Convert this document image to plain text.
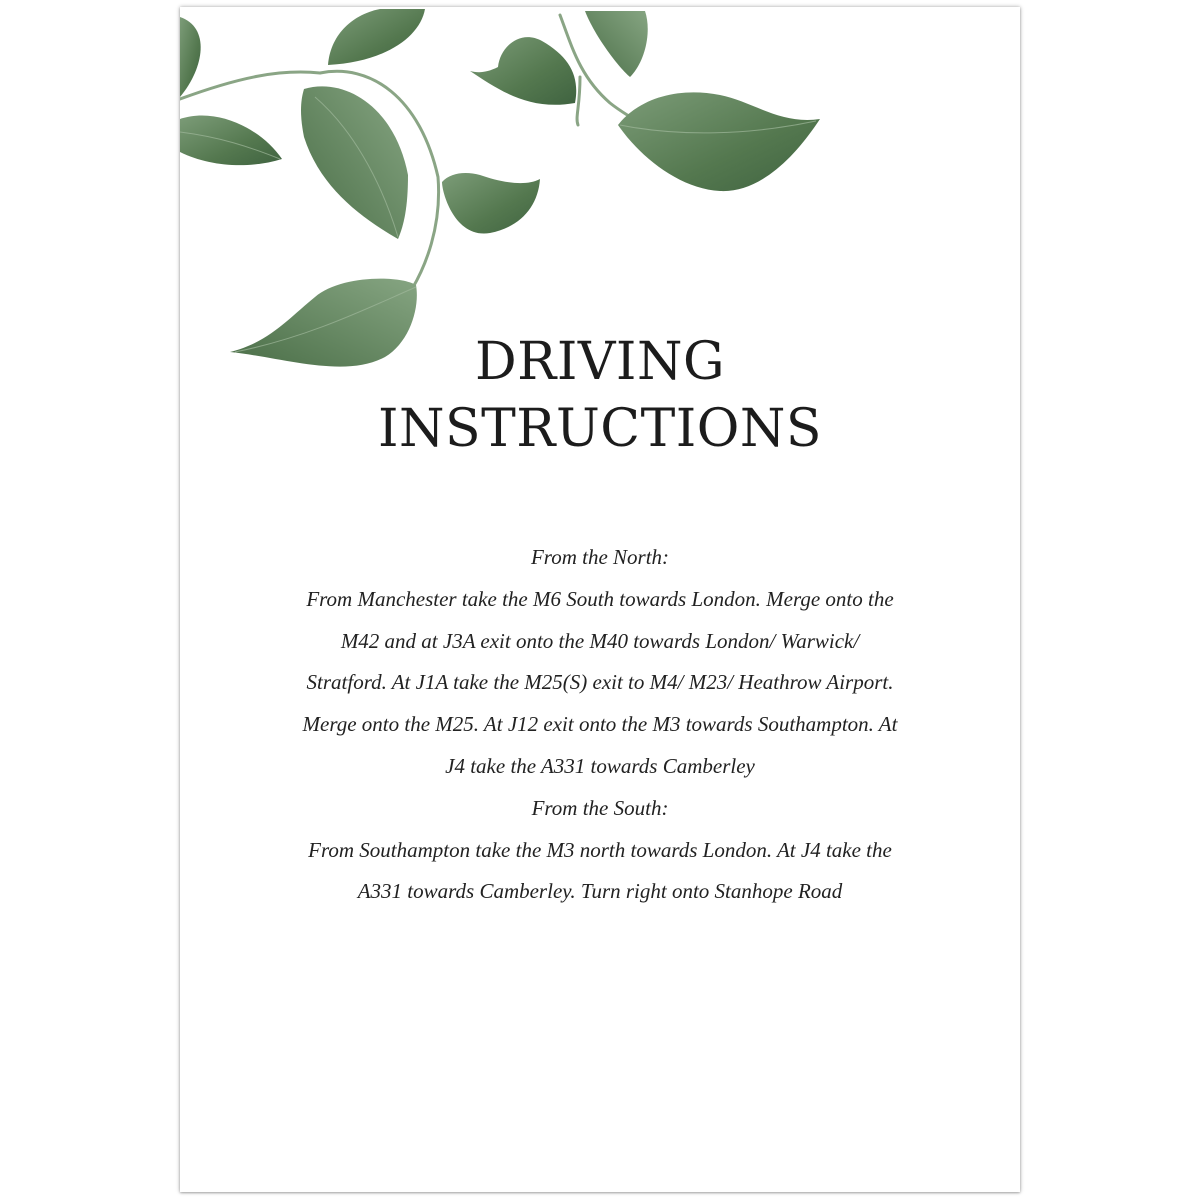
DRIVING
INSTRUCTIONS

From the North:

From Manchester take the M6 South towards London. Merge onto the M42 and at J3A exit onto the M40 towards London/ Warwick/ Stratford. At J1A take the M25(S) exit to M4/ M23/ Heathrow Airport. Merge onto the M25. At J12 exit onto the M3 towards Southampton. At J4 take the A331 towards Camberley

From the South:

From Southampton take the M3 north towards London. At J4 take the A331 towards Camberley. Turn right onto Stanhope Road
